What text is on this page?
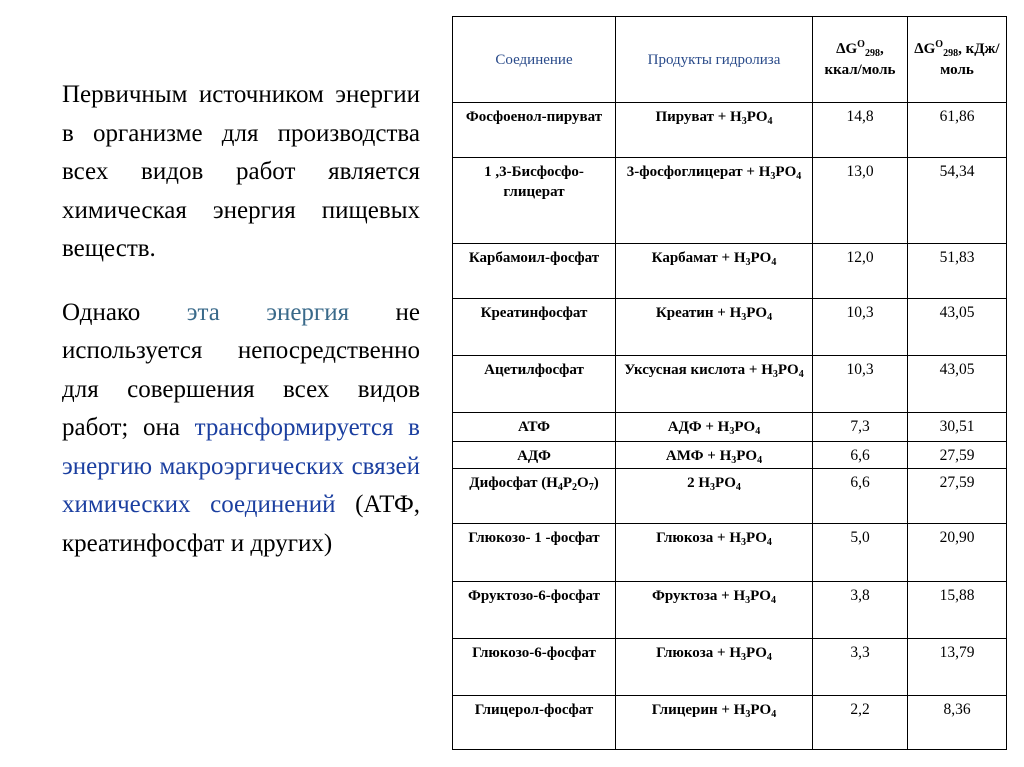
Первичным источником энергии в организме для производства всех видов работ является химическая энергия пищевых веществ.

Однако эта энергия не используется непосредственно для совершения всех видов работ; она трансформируется в энергию макроэргических связей химических соединений (АТФ, креатинфосфат и других)

Соединение	Продукты гидролиза	$\Delta G^O_{298}$, ккал/моль	$\Delta G^O_{298}$, кДж/моль
Фосфоенол-пируват	Пируват + $H_3PO_4$	14,8	61,86
1 ,3-Бисфосфо-глицерат	3-фосфоглицерат + $H_3PO_4$	13,0	54,34
Карбамоил-фосфат	Карбамат + $H_3PO_4$	12,0	51,83
Креатинфосфат	Креатин + $H_3PO_4$	10,3	43,05
Ацетилфосфат	Уксусная кислота + $H_3PO_4$	10,3	43,05
АТФ	АДФ + $H_3PO_4$	7,3	30,51
АДФ	АМФ + $H_3PO_4$	6,6	27,59
Дифосфат $(H_4P_2O_7)$	2 $H_3PO_4$	6,6	27,59
Глюкозо- 1 -фосфат	Глюкоза + $H_3PO_4$	5,0	20,90
Фруктозо-6-фосфат	Фруктоза + $H_3PO_4$	3,8	15,88
Глюкозо-6-фосфат	Глюкоза + $H_3PO_4$	3,3	13,79
Глицерол-фосфат	Глицерин + $H_3PO_4$	2,2	8,36
